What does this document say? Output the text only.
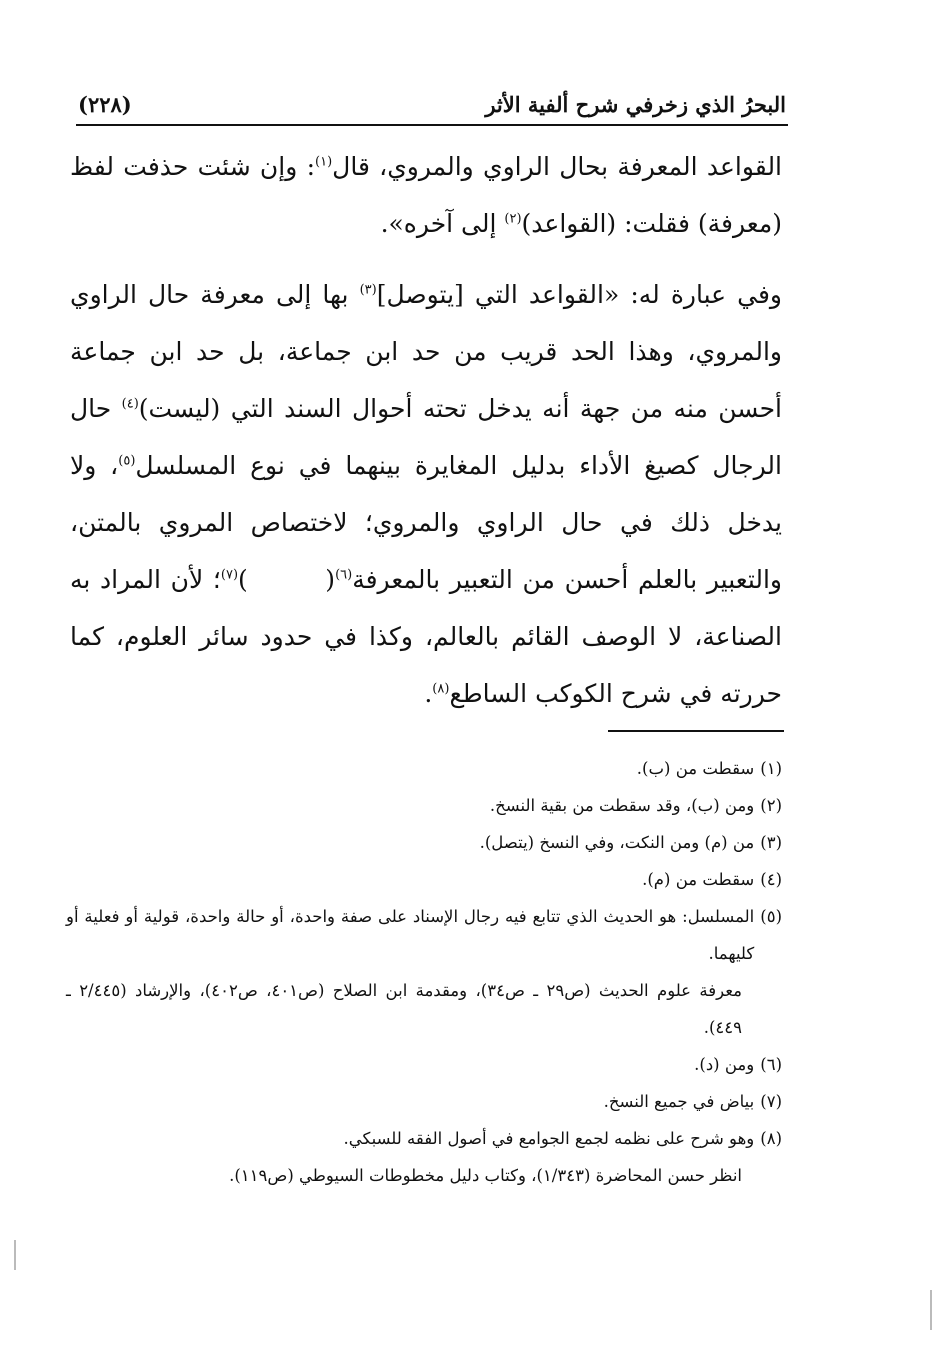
البحرُ الذي زخرفي شرح ألفية الأثر
(٢٢٨)

القواعد المعرفة بحال الراوي والمروي، قال$^{(١)}$: وإن شئت حذفت لفظ (معرفة) فقلت: (القواعد)$^{(٢)}$ إلى آخره».

وفي عبارة له: «القواعد التي [يتوصل]$^{(٣)}$ بها إلى معرفة حال الراوي والمروي، وهذا الحد قريب من حد ابن جماعة، بل حد ابن جماعة أحسن منه من جهة أنه يدخل تحته أحوال السند التي (ليست)$^{(٤)}$ حال الرجال كصيغ الأداء بدليل المغايرة بينهما في نوع المسلسل$^{(٥)}$، ولا يدخل ذلك في حال الراوي والمروي؛ لاختصاص المروي بالمتن، والتعبير بالعلم أحسن من التعبير بالمعرفة$^{(٦)}$(        )$^{(٧)}$؛ لأن المراد به الصناعة، لا الوصف القائم بالعالم، وكذا في حدود سائر العلوم، كما حررته في شرح الكوكب الساطع$^{(٨)}$.

(١)
سقطت من (ب).
(٢)
ومن (ب)، وقد سقطت من بقية النسخ.
(٣)
من (م) ومن النكت، وفي النسخ (يتصل).
(٤)
سقطت من (م).
(٥)
المسلسل: هو الحديث الذي تتابع فيه رجال الإسناد على صفة واحدة، أو حالة واحدة، قولية أو فعلية أو كليهما.
معرفة علوم الحديث (ص٢٩ ـ ص٣٤)، ومقدمة ابن الصلاح (ص٤٠١، ص٤٠٢)، والإرشاد (٢/٤٤٥ ـ ٤٤٩).
(٦)
ومن (د).
(٧)
بياض في جميع النسخ.
(٨)
وهو شرح على نظمه لجمع الجوامع في أصول الفقه للسبكي.
انظر حسن المحاضرة (١/٣٤٣)، وكتاب دليل مخطوطات السيوطي (ص١١٩).
